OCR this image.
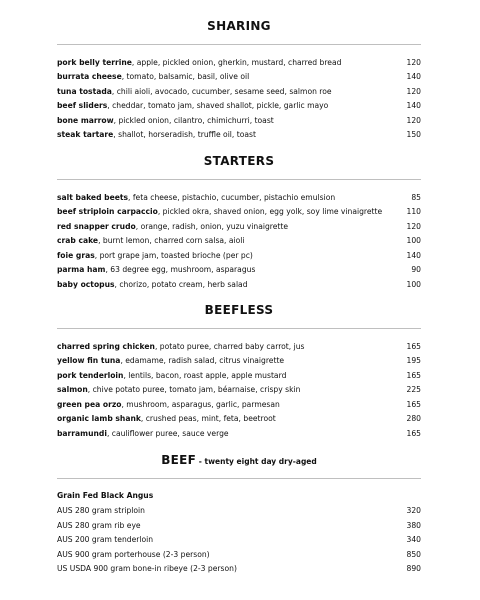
SHARING
pork belly terrine, apple, pickled onion, gherkin, mustard, charred bread	120
burrata cheese, tomato, balsamic, basil, olive oil	140
tuna tostada, chili aioli, avocado, cucumber, sesame seed, salmon roe	120
beef sliders, cheddar, tomato jam, shaved shallot, pickle, garlic mayo	140
bone marrow, pickled onion, cilantro, chimichurri, toast	120
steak tartare, shallot, horseradish, truffle oil, toast	150
STARTERS
salt baked beets, feta cheese, pistachio, cucumber, pistachio emulsion	85
beef striploin carpaccio, pickled okra, shaved onion, egg yolk, soy lime vinaigrette	110
red snapper crudo, orange, radish, onion, yuzu vinaigrette	120
crab cake, burnt lemon, charred corn salsa, aioli	100
foie gras, port grape jam, toasted brioche (per pc)	140
parma ham, 63 degree egg, mushroom, asparagus	90
baby octopus, chorizo, potato cream, herb salad	100
BEEFLESS
charred spring chicken, potato puree, charred baby carrot, jus	165
yellow fin tuna, edamame, radish salad, citrus vinaigrette	195
pork tenderloin, lentils, bacon, roast apple, apple mustard	165
salmon, chive potato puree, tomato jam, béarnaise, crispy skin	225
green pea orzo, mushroom, asparagus, garlic, parmesan	165
organic lamb shank, crushed peas, mint, feta, beetroot	280
barramundi, cauliflower puree, sauce verge	165
BEEF - twenty eight day dry-aged
Grain Fed Black Angus
AUS 280 gram striploin	320
AUS 280 gram rib eye	380
AUS 200 gram tenderloin	340
AUS 900 gram porterhouse (2-3 person)	850
US USDA 900 gram bone-in ribeye (2-3 person)	890
